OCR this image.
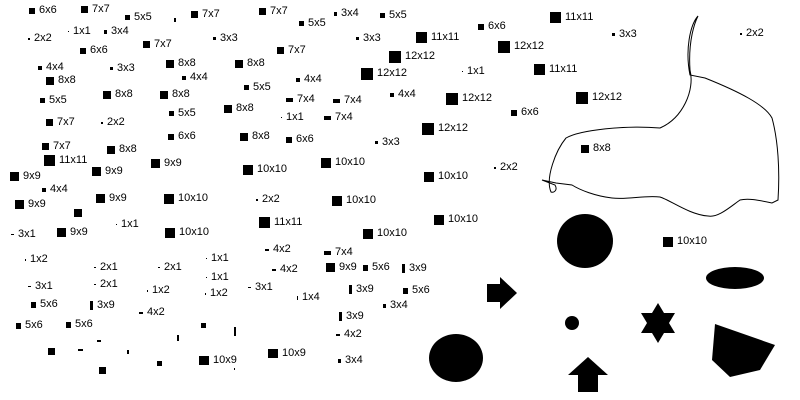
6x6	7x7
5x5	7x7	7x7	3x4	5x5
5x5
11x11
6x6
2x2
1x1 3x4
3x3	3x3
11x11
12x12
3x3	2x2
6x6	7x7	7x7	12x12
4x4	8x8	8x8
3x3
4x4	4x4	12x12	1x1	11x11
8x8
8x8	8x8
5x5
7x4	7x4	4x4	12x12	12x12
5x5
5x5	8x8
1x1	7x4	6x6
7x7	2x2	12x12
8x8
6x6	8x8 6x6	3x3
7x7	8x8
11x11	9x9	10x10
10x10
10x10
2x2
9x9	9x9
10x10
4x4
9x9	9x9	10x10
2x2
10x10
1x1	11x11
10x10
3x1	9x9	10x10
10x10
4x2	7x4
1x1
1x2
9x9
2x1	2x1	4x2	3x9
5x6
1x1
3x1	2x1	1x2	1x2 3x1	3x9	5x6
5x6	3x9
1x4
4x2
3x4
3x9
5x6	5x6
4x2
3x4
10x9
10x9
